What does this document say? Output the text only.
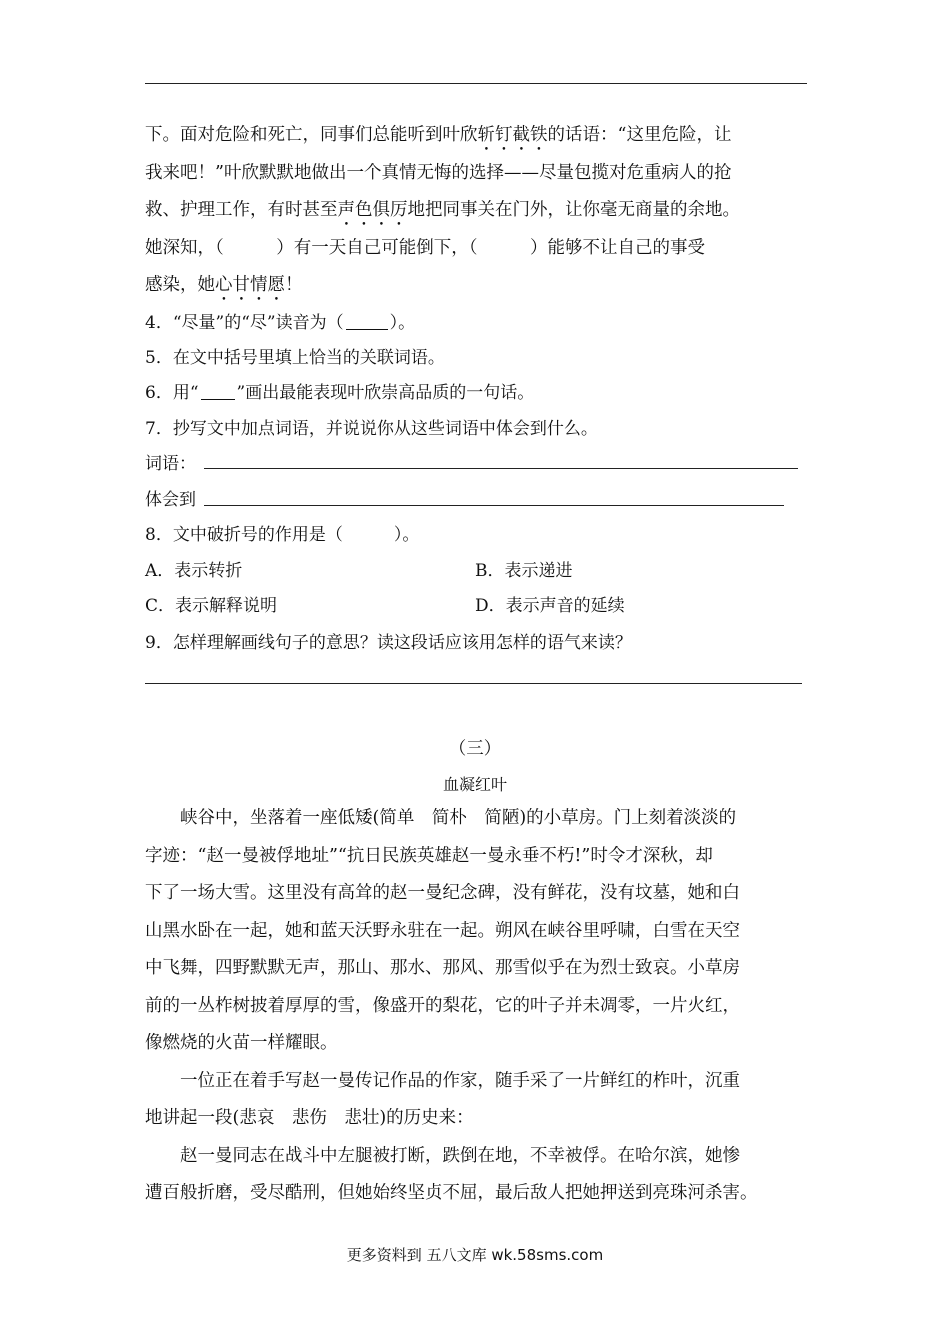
下。面对危险和死亡，同事们总能听到叶欣斩钉截铁的话语：“这里危险，让
我来吧！”叶欣默默地做出一个真情无悔的选择——尽量包揽对危重病人的抢
救、护理工作，有时甚至声色俱厉地把同事关在门外，让你毫无商量的余地。
她深知，（　　　）有一天自己可能倒下，（　　　）能够不让自己的事受
感染，她心甘情愿！
4．“尽量”的“尽”读音为（	）。
5．在文中括号里填上恰当的关联词语。
6．用“ ”画出最能表现叶欣崇高品质的一句话。
7．抄写文中加点词语，并说说你从这些词语中体会到什么。
词语：
体会到
8．文中破折号的作用是（　　　）。
A．表示转折	B．表示递进
C．表示解释说明	D．表示声音的延续
9．怎样理解画线句子的意思？读这段话应该用怎样的语气来读？
（三）
血凝红叶
峡谷中，坐落着一座低矮(简单　简朴　简陋)的小草房。门上刻着淡淡的
字迹：“赵一曼被俘地址”“抗日民族英雄赵一曼永垂不朽!”时令才深秋，却
下了一场大雪。这里没有高耸的赵一曼纪念碑，没有鲜花，没有坟墓，她和白
山黑水卧在一起，她和蓝天沃野永驻在一起。朔风在峡谷里呼啸，白雪在天空
中飞舞，四野默默无声，那山、那水、那风、那雪似乎在为烈士致哀。小草房
前的一丛柞树披着厚厚的雪，像盛开的梨花，它的叶子并未凋零，一片火红，
像燃烧的火苗一样耀眼。
一位正在着手写赵一曼传记作品的作家，随手采了一片鲜红的柞叶，沉重
地讲起一段(悲哀　悲伤　悲壮)的历史来：
赵一曼同志在战斗中左腿被打断，跌倒在地，不幸被俘。在哈尔滨，她惨
遭百般折磨，受尽酷刑，但她始终坚贞不屈，最后敌人把她押送到亮珠河杀害。
更多资料到 五八文库 wk.58sms.com
